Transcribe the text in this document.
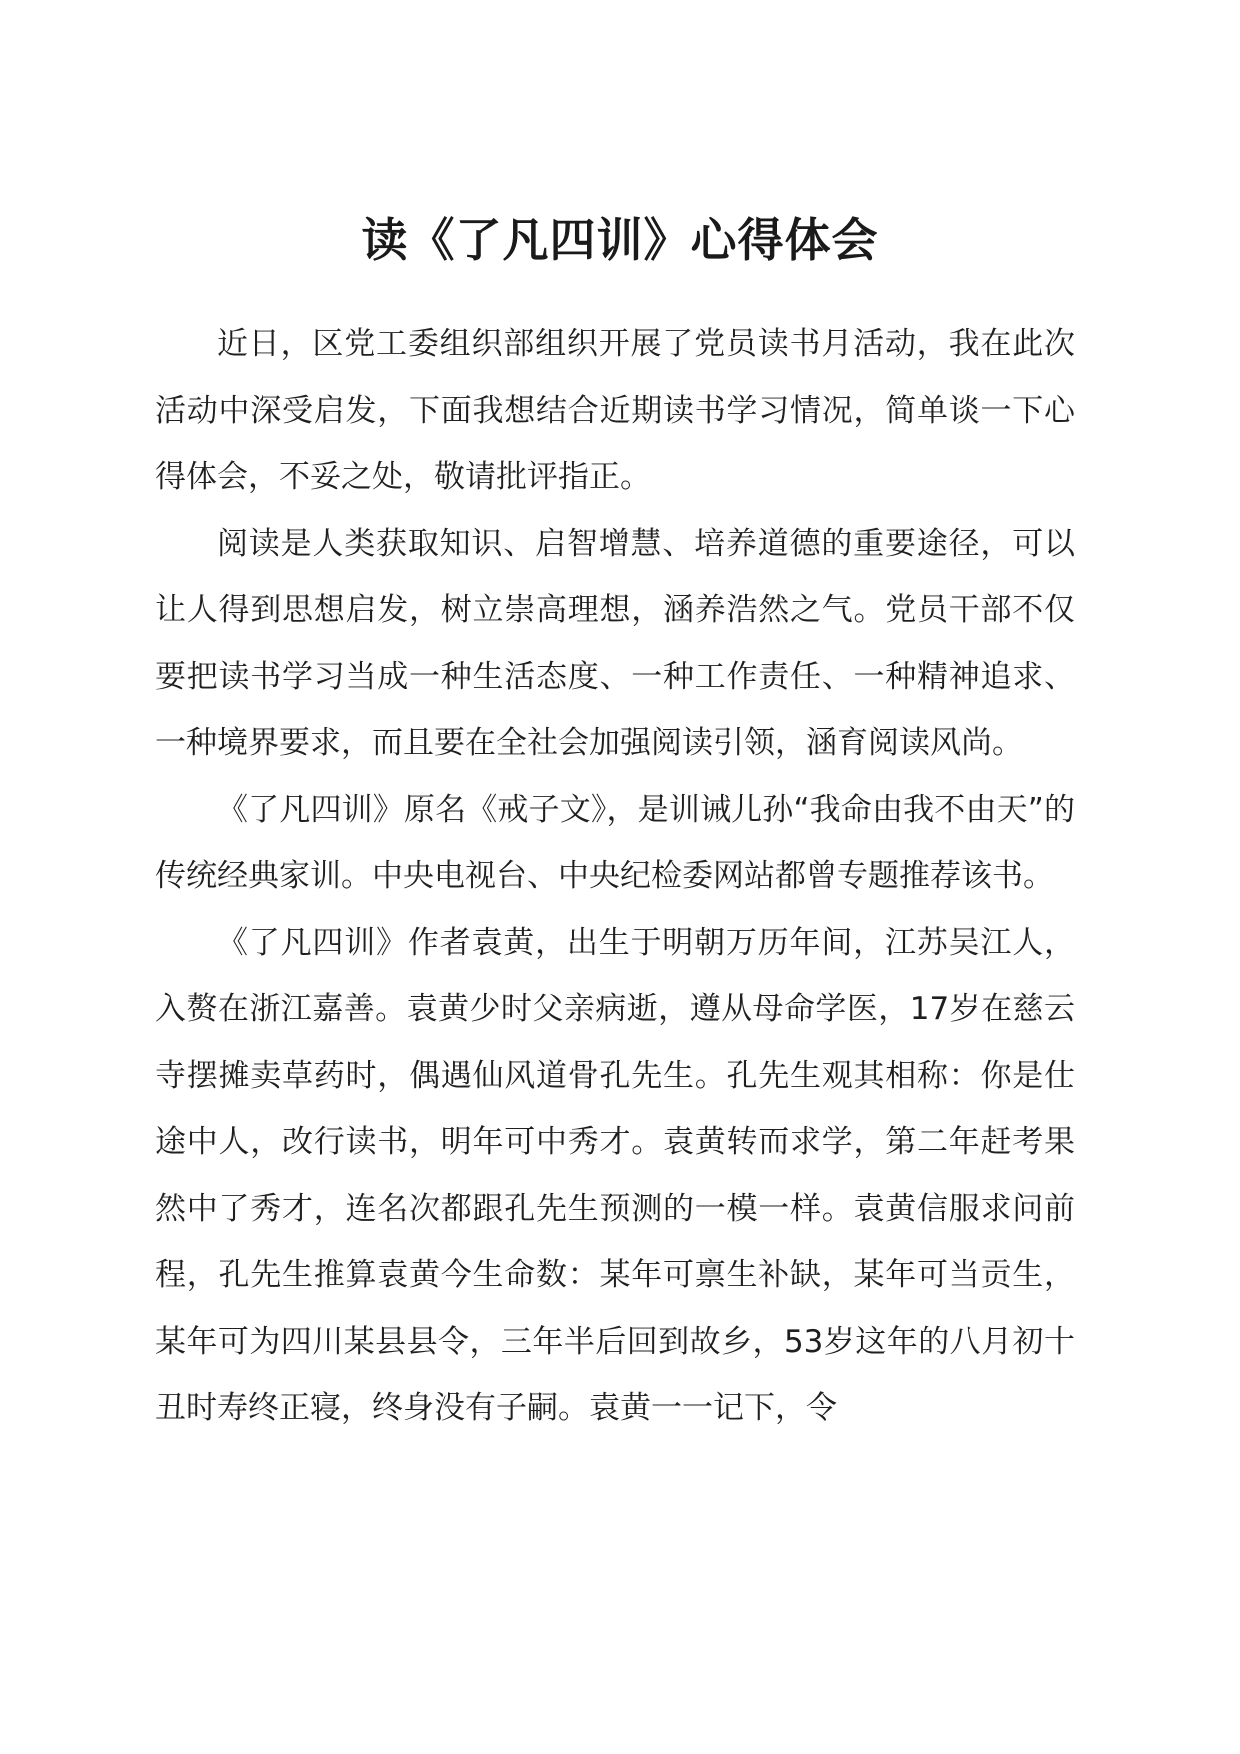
读《了凡四训》心得体会

近日，区党工委组织部组织开展了党员读书月活动，我在此次活动中深受启发，下面我想结合近期读书学习情况，简单谈一下心得体会，不妥之处，敬请批评指正。

阅读是人类获取知识、启智增慧、培养道德的重要途径，可以让人得到思想启发，树立崇高理想，涵养浩然之气。党员干部不仅要把读书学习当成一种生活态度、一种工作责任、一种精神追求、一种境界要求，而且要在全社会加强阅读引领，涵育阅读风尚。

《了凡四训》原名《戒子文》，是训诫儿孙“我命由我不由天”的传统经典家训。中央电视台、中央纪检委网站都曾专题推荐该书。

《了凡四训》作者袁黄，出生于明朝万历年间，江苏吴江人，入赘在浙江嘉善。袁黄少时父亲病逝，遵从母命学医，17岁在慈云寺摆摊卖草药时，偶遇仙风道骨孔先生。孔先生观其相称：你是仕途中人，改行读书，明年可中秀才。袁黄转而求学，第二年赶考果然中了秀才，连名次都跟孔先生预测的一模一样。袁黄信服求问前程，孔先生推算袁黄今生命数：某年可禀生补缺，某年可当贡生，某年可为四川某县县令，三年半后回到故乡，53岁这年的八月初十丑时寿终正寝，终身没有子嗣。袁黄一一记下，令
